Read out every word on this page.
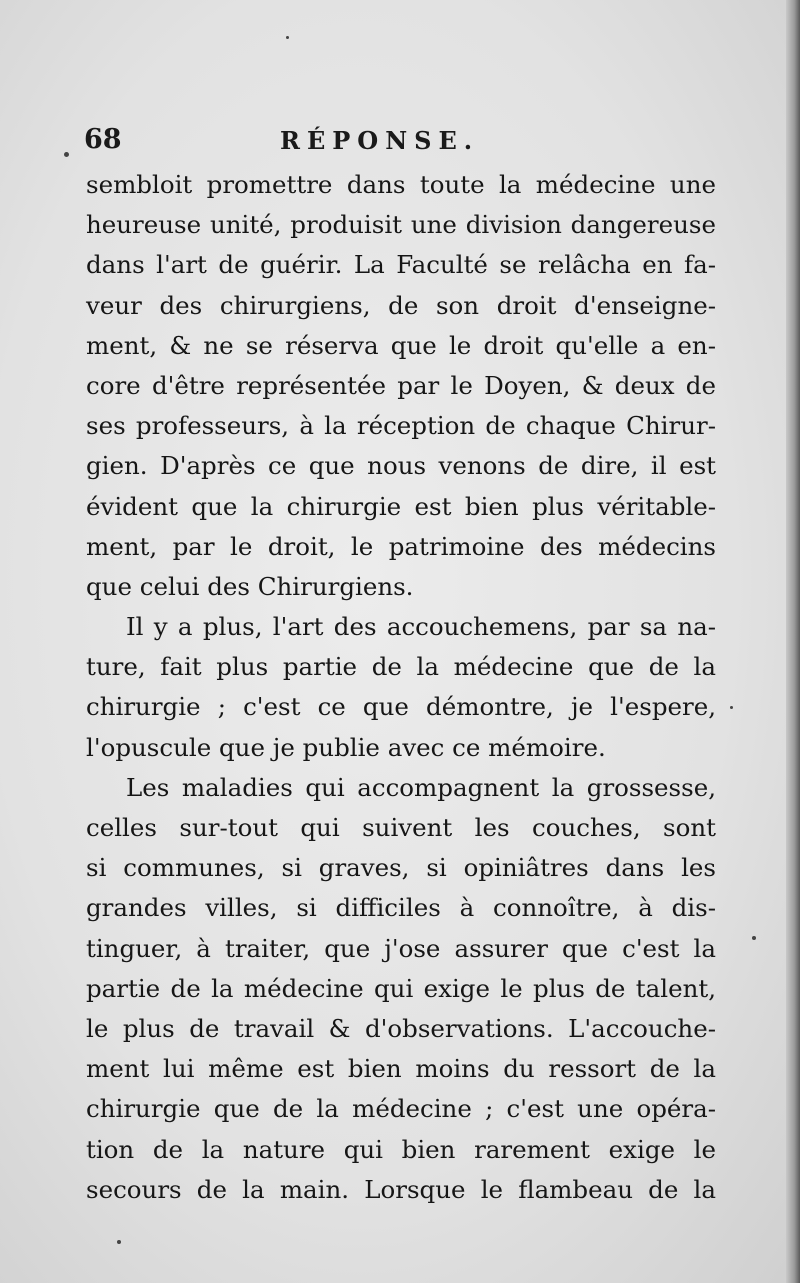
68	RÉPONSE.
sembloit promettre dans toute la médecine une
heureuse unité, produisit une division dangereuse
dans l'art de guérir. La Faculté se relâcha en fa-
veur des chirurgiens, de son droit d'enseigne-
ment, & ne se réserva que le droit qu'elle a en-
core d'être représentée par le Doyen, & deux de
ses professeurs, à la réception de chaque Chirur-
gien. D'après ce que nous venons de dire, il est
évident que la chirurgie est bien plus véritable-
ment, par le droit, le patrimoine des médecins
que celui des Chirurgiens.
Il y a plus, l'art des accouchemens, par sa na-
ture, fait plus partie de la médecine que de la
chirurgie ; c'est ce que démontre, je l'espere,
l'opuscule que je publie avec ce mémoire.
Les maladies qui accompagnent la grossesse,
celles sur-tout qui suivent les couches, sont
si communes, si graves, si opiniâtres dans les
grandes villes, si difficiles à connoître, à dis-
tinguer, à traiter, que j'ose assurer que c'est la
partie de la médecine qui exige le plus de talent,
le plus de travail & d'observations. L'accouche-
ment lui même est bien moins du ressort de la
chirurgie que de la médecine ; c'est une opéra-
tion de la nature qui bien rarement exige le
secours de la main. Lorsque le flambeau de la
